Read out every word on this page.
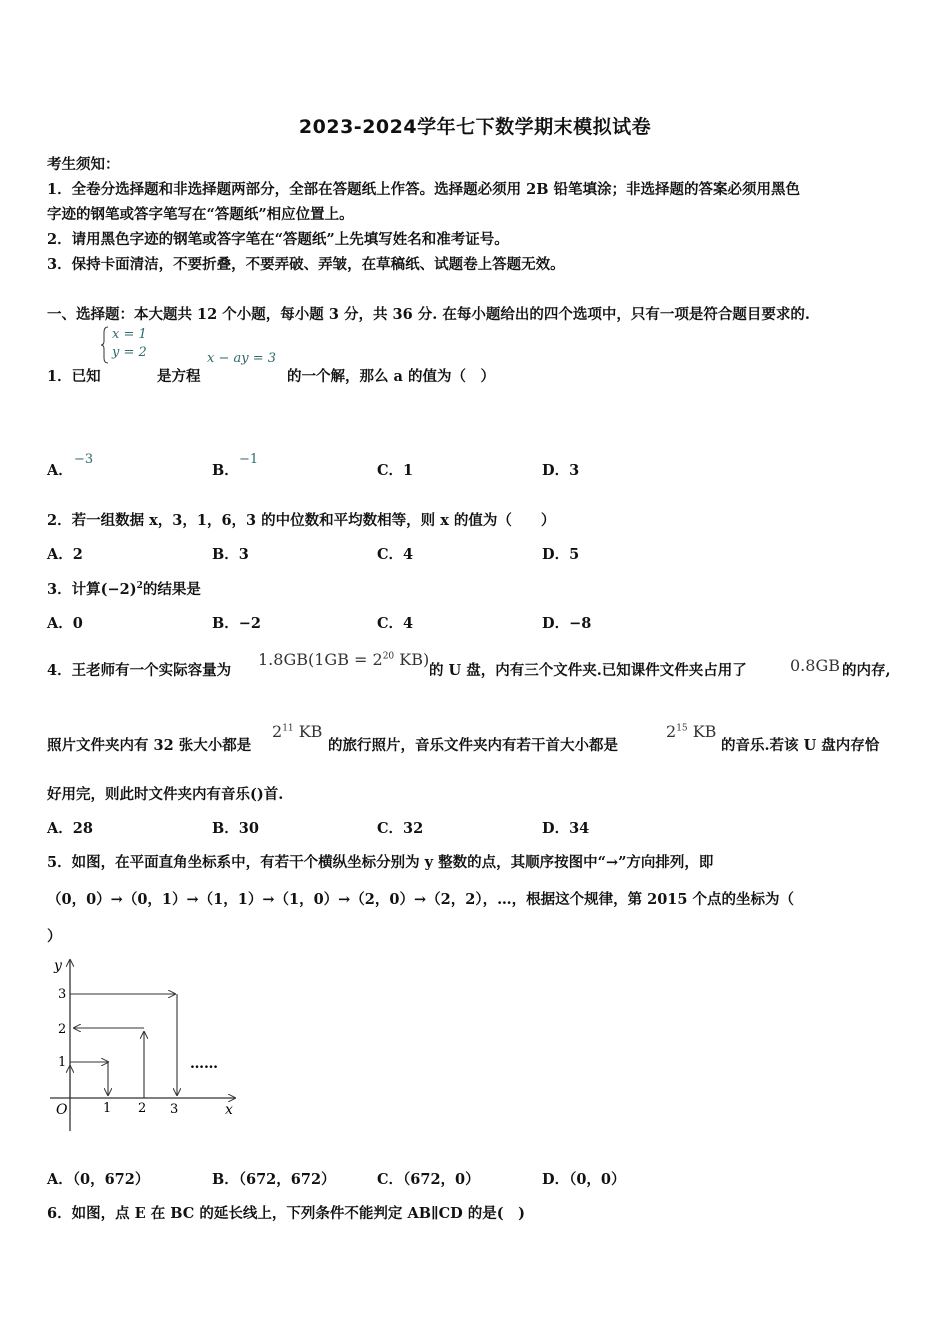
2023-2024学年七下数学期末模拟试卷
考生须知：
1．全卷分选择题和非选择题两部分，全部在答题纸上作答。选择题必须用 2B 铅笔填涂；非选择题的答案必须用黑色
字迹的钢笔或答字笔写在“答题纸”相应位置上。
2．请用黑色字迹的钢笔或答字笔在“答题纸”上先填写姓名和准考证号。
3．保持卡面清洁，不要折叠，不要弄破、弄皱，在草稿纸、试题卷上答题无效。
一、选择题：本大题共 12 个小题，每小题 3 分，共 36 分. 在每小题给出的四个选项中，只有一项是符合题目要求的.
1．已知
x = 1
y = 2
是方程
x − ay = 3
的一个解，那么 a 的值为（　）
A．
−3
B．
−1
C．1	D．3
2．若一组数据 x，3，1，6，3 的中位数和平均数相等，则 x 的值为（　　）
A．2	B．3	C．4	D．5
3．计算$(-2)^2$的结果是
A．0	B．−2	C．4	D．−8
4．王老师有一个实际容量为
$1.8GB(1GB = 2^{20}$ KB)
的 U 盘，内有三个文件夹.已知课件文件夹占用了	0.8GB 的内存,
照片文件夹内有 32 张大小都是
$2^{11}$ KB
的旅行照片，音乐文件夹内有若干首大小都是
$2^{15}$ KB
的音乐.若该 U 盘内存恰
好用完，则此时文件夹内有音乐()首.
A．28	B．30	C．32	D．34
5．如图，在平面直角坐标系中，有若干个横纵坐标分别为 y 整数的点，其顺序按图中“→”方向排列，即
（0，0）→（0，1）→（1，1）→（1，0）→（2，0）→（2，2），…，根据这个规律，第 2015 个点的坐标为（
）
y
x
O	1 2 3
1
2
3
……
A．（0，672）	B．（672，672）	C．（672，0）	D．（0，0）
6．如图，点 E 在 BC 的延长线上，下列条件不能判定 AB∥CD 的是(　)
